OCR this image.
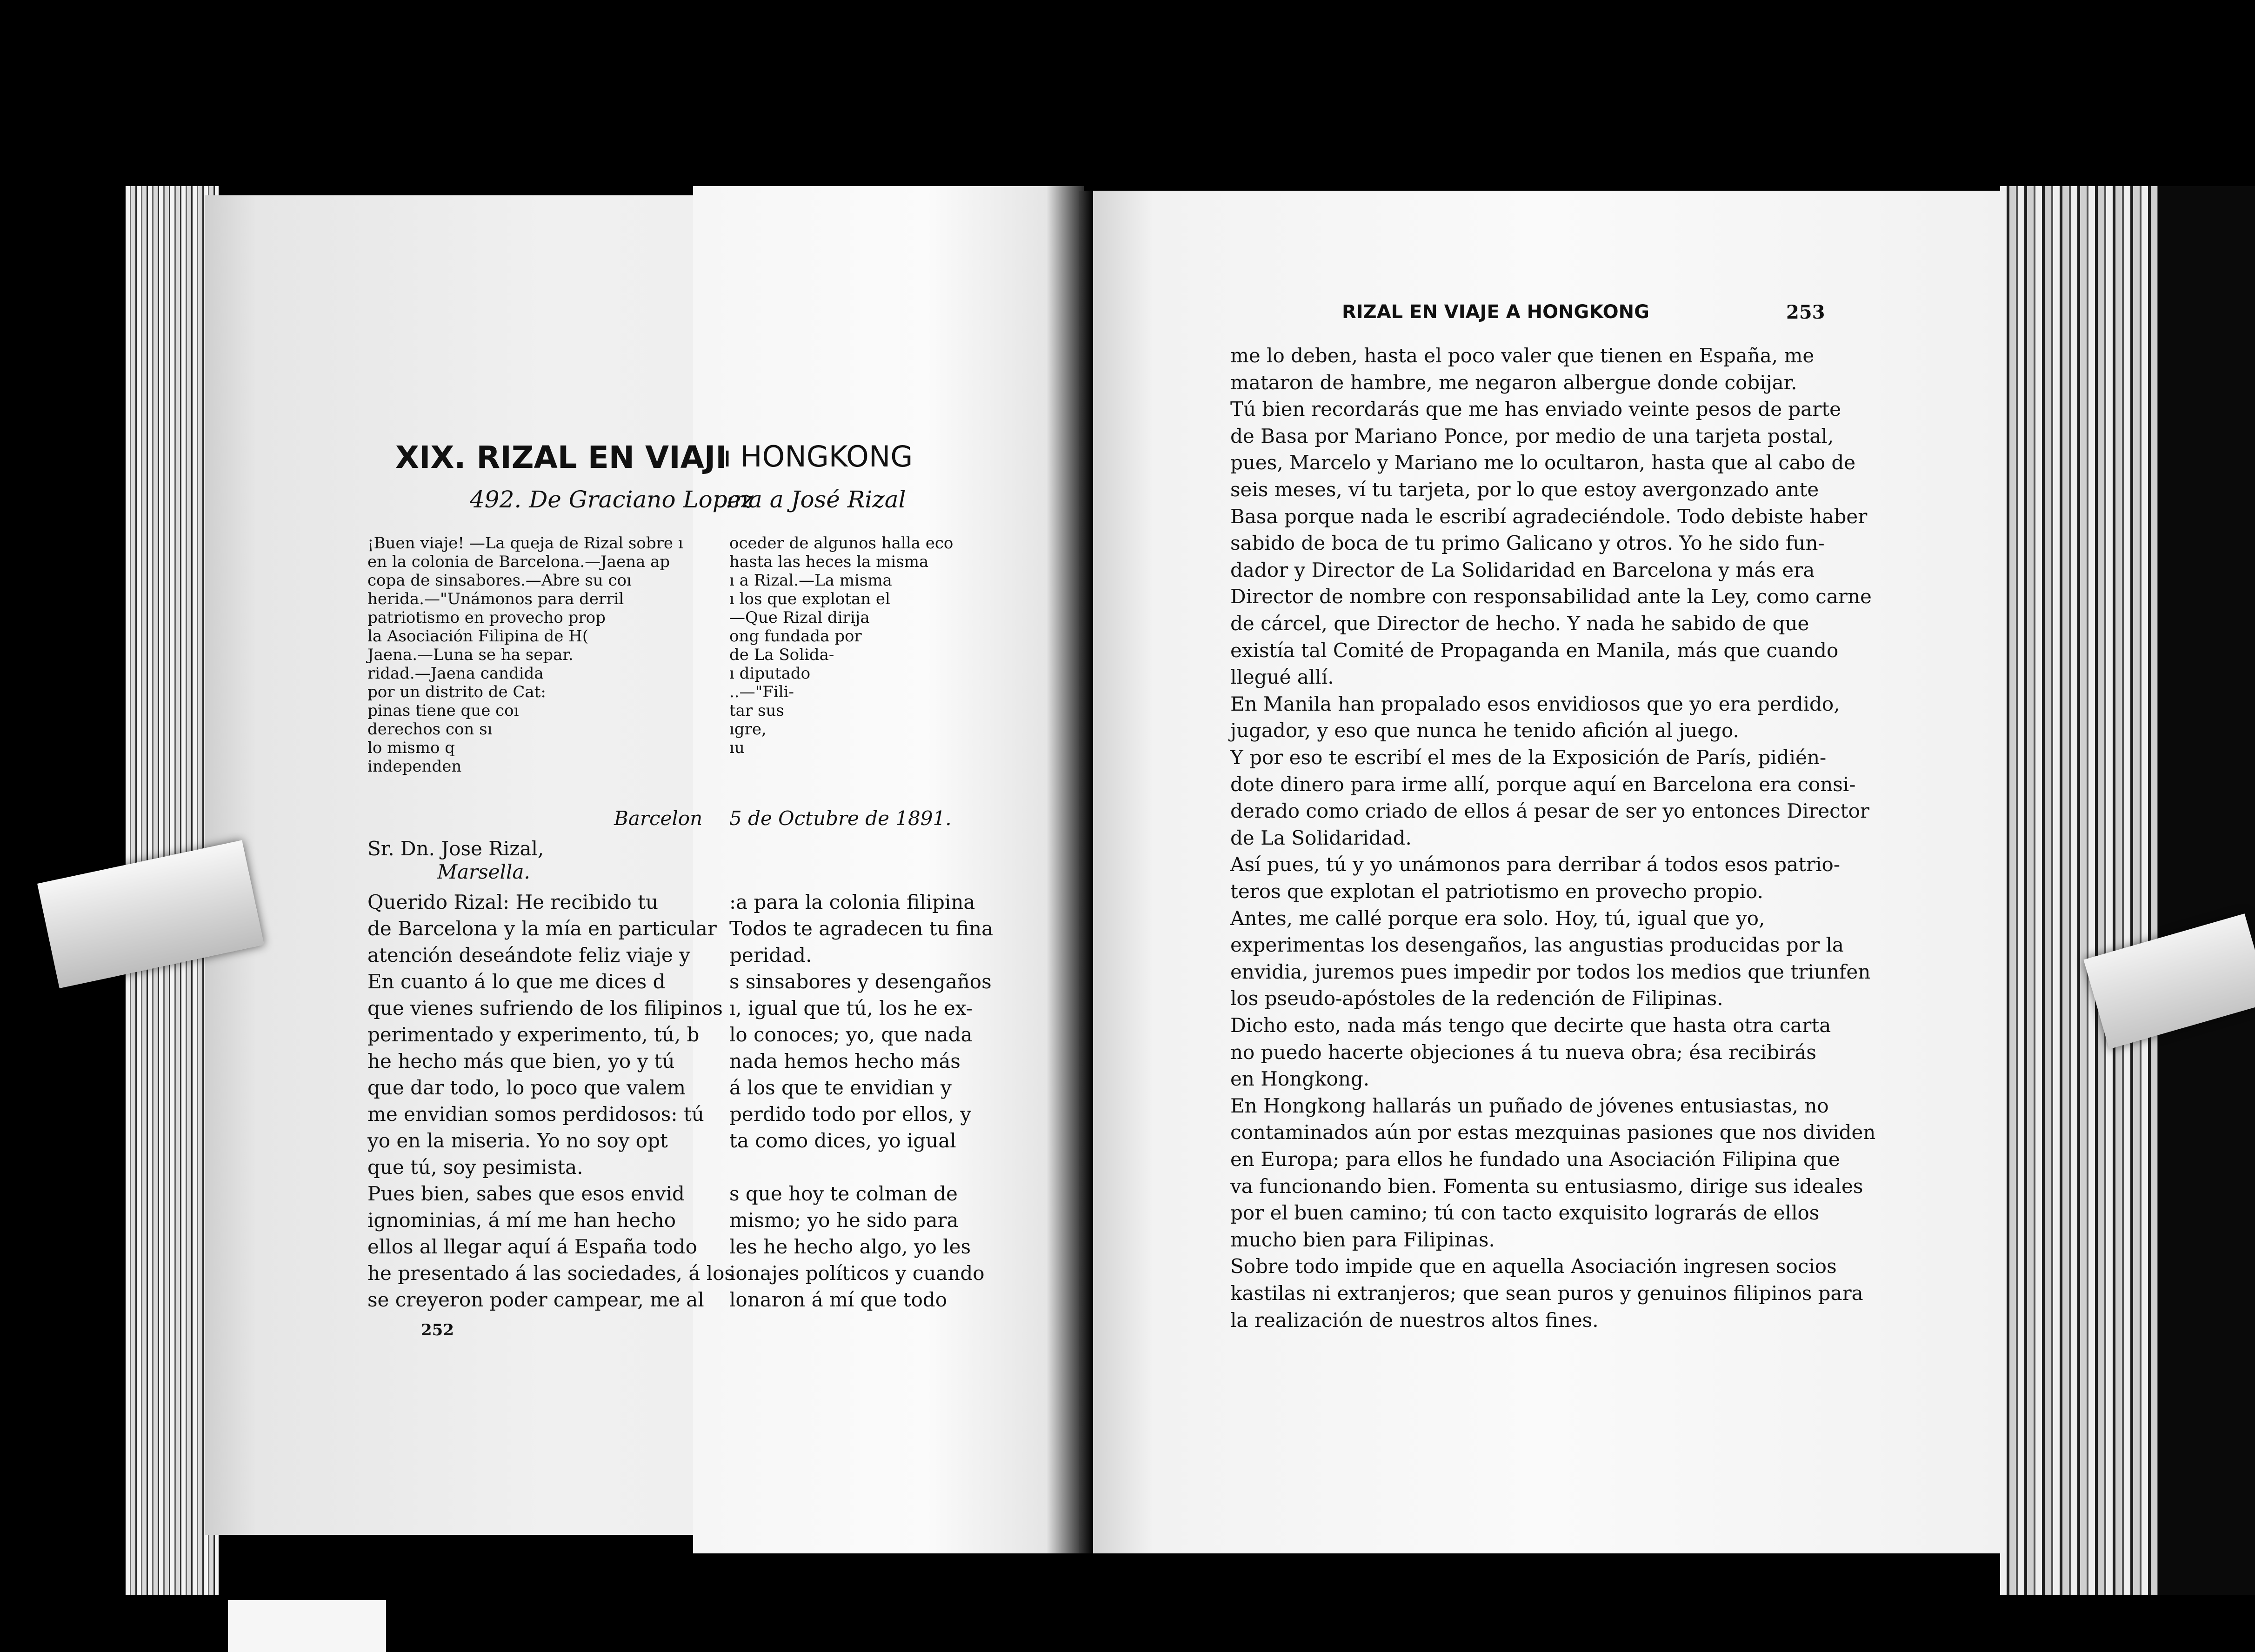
XIX. RIZAL EN VIAJI
ı HONGKONG
492. De Graciano Lopez
:na a José Rizal
¡Buen viaje! —La queja de Rizal sobre ı
en la colonia de Barcelona.—Jaena ap
copa de sinsabores.—Abre su coı
herida.—"Unámonos para derril
patriotismo en provecho prop
la Asociación Filipina de H(
Jaena.—Luna se ha separ.
ridad.—Jaena candida
por un distrito de Cat:
pinas tiene que coı
derechos con sı
lo mismo q
independen
oceder de algunos halla eco
hasta las heces la misma
ı a Rizal.—La misma
ı los que explotan el
—Que Rizal dirija
ong fundada por
de La Solida-
ı diputado
..—"Fili-
tar sus
ıgre,
ıu
Barcelon 5 de Octubre de 1891.
Sr. Dn. Jose Rizal,
Marsella.
Querido Rizal: He recibido tu
de Barcelona y la mía en particular
atención deseándote feliz viaje y
En cuanto á lo que me dices d
que vienes sufriendo de los filipinos
perimentado y experimento, tú, b
he hecho más que bien, yo y tú
que dar todo, lo poco que valem
me envidian somos perdidosos: tú
yo en la miseria. Yo no soy opt
que tú, soy pesimista.
Pues bien, sabes que esos envid
ignominias, á mí me han hecho
ellos al llegar aquí á España todo
he presentado á las sociedades, á los
se creyeron poder campear, me al
:a para la colonia filipina
Todos te agradecen tu fina
peridad.
s sinsabores y desengaños
ı, igual que tú, los he ex-
lo conoces; yo, que nada
nada hemos hecho más
á los que te envidian y
perdido todo por ellos, y
ta como dices, yo igual
s que hoy te colman de
mismo; yo he sido para
les he hecho algo, yo les
ionajes políticos y cuando
lonaron á mí que todo
252
RIZAL EN VIAJE A HONGKONG	253
me lo deben, hasta el poco valer que tienen en España, me
mataron de hambre, me negaron albergue donde cobijar.
Tú bien recordarás que me has enviado veinte pesos de parte
de Basa por Mariano Ponce, por medio de una tarjeta postal,
pues, Marcelo y Mariano me lo ocultaron, hasta que al cabo de
seis meses, ví tu tarjeta, por lo que estoy avergonzado ante
Basa porque nada le escribí agradeciéndole. Todo debiste haber
sabido de boca de tu primo Galicano y otros. Yo he sido fun-
dador y Director de La Solidaridad en Barcelona y más era
Director de nombre con responsabilidad ante la Ley, como carne
de cárcel, que Director de hecho. Y nada he sabido de que
existía tal Comité de Propaganda en Manila, más que cuando
llegué allí.
En Manila han propalado esos envidiosos que yo era perdido,
jugador, y eso que nunca he tenido afición al juego.
Y por eso te escribí el mes de la Exposición de París, pidién-
dote dinero para irme allí, porque aquí en Barcelona era consi-
derado como criado de ellos á pesar de ser yo entonces Director
de La Solidaridad.
Así pues, tú y yo unámonos para derribar á todos esos patrio-
teros que explotan el patriotismo en provecho propio.
Antes, me callé porque era solo. Hoy, tú, igual que yo,
experimentas los desengaños, las angustias producidas por la
envidia, juremos pues impedir por todos los medios que triunfen
los pseudo-apóstoles de la redención de Filipinas.
Dicho esto, nada más tengo que decirte que hasta otra carta
no puedo hacerte objeciones á tu nueva obra; ésa recibirás
en Hongkong.
En Hongkong hallarás un puñado de jóvenes entusiastas, no
contaminados aún por estas mezquinas pasiones que nos dividen
en Europa; para ellos he fundado una Asociación Filipina que
va funcionando bien. Fomenta su entusiasmo, dirige sus ideales
por el buen camino; tú con tacto exquisito lograrás de ellos
mucho bien para Filipinas.
Sobre todo impide que en aquella Asociación ingresen socios
kastilas ni extranjeros; que sean puros y genuinos filipinos para
la realización de nuestros altos fines.
